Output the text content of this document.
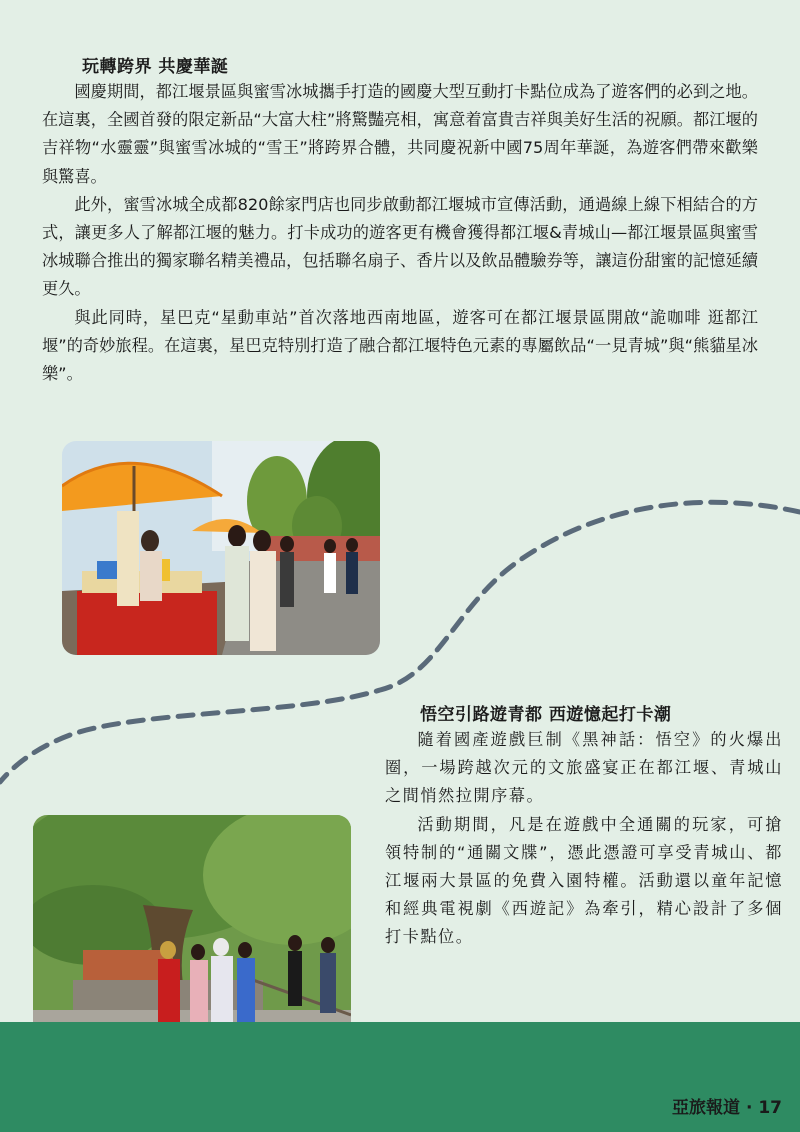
玩轉跨界 共慶華誕

國慶期間，都江堰景區與蜜雪冰城攜手打造的國慶大型互動打卡點位成為了遊客們的必到之地。在這裏，全國首發的限定新品“大富大柱”將驚豔亮相，寓意着富貴吉祥與美好生活的祝願。都江堰的吉祥物“水靈靈”與蜜雪冰城的“雪王”將跨界合體，共同慶祝新中國75周年華誕，為遊客們帶來歡樂與驚喜。

此外，蜜雪冰城全成都820餘家門店也同步啟動都江堰城市宣傳活動，通過線上線下相結合的方式，讓更多人了解都江堰的魅力。打卡成功的遊客更有機會獲得都江堰&青城山—都江堰景區與蜜雪冰城聯合推出的獨家聯名精美禮品，包括聯名扇子、香片以及飲品體驗券等，讓這份甜蜜的記憶延續更久。

與此同時，星巴克“星動車站”首次落地西南地區，遊客可在都江堰景區開啟“詭咖啡 逛都江堰”的奇妙旅程。在這裏，星巴克特別打造了融合都江堰特色元素的專屬飲品“一見青城”與“熊貓星冰樂”。

悟空引路遊青都 西遊憶起打卡潮

隨着國產遊戲巨制《黑神話：悟空》的火爆出圈，一場跨越次元的文旅盛宴正在都江堰、青城山之間悄然拉開序幕。

活動期間，凡是在遊戲中全通關的玩家，可搶領特制的“通關文牒”，憑此憑證可享受青城山、都江堰兩大景區的免費入園特權。活動還以童年記憶和經典電視劇《西遊記》為牽引，精心設計了多個打卡點位。

亞旅報道 · 17
